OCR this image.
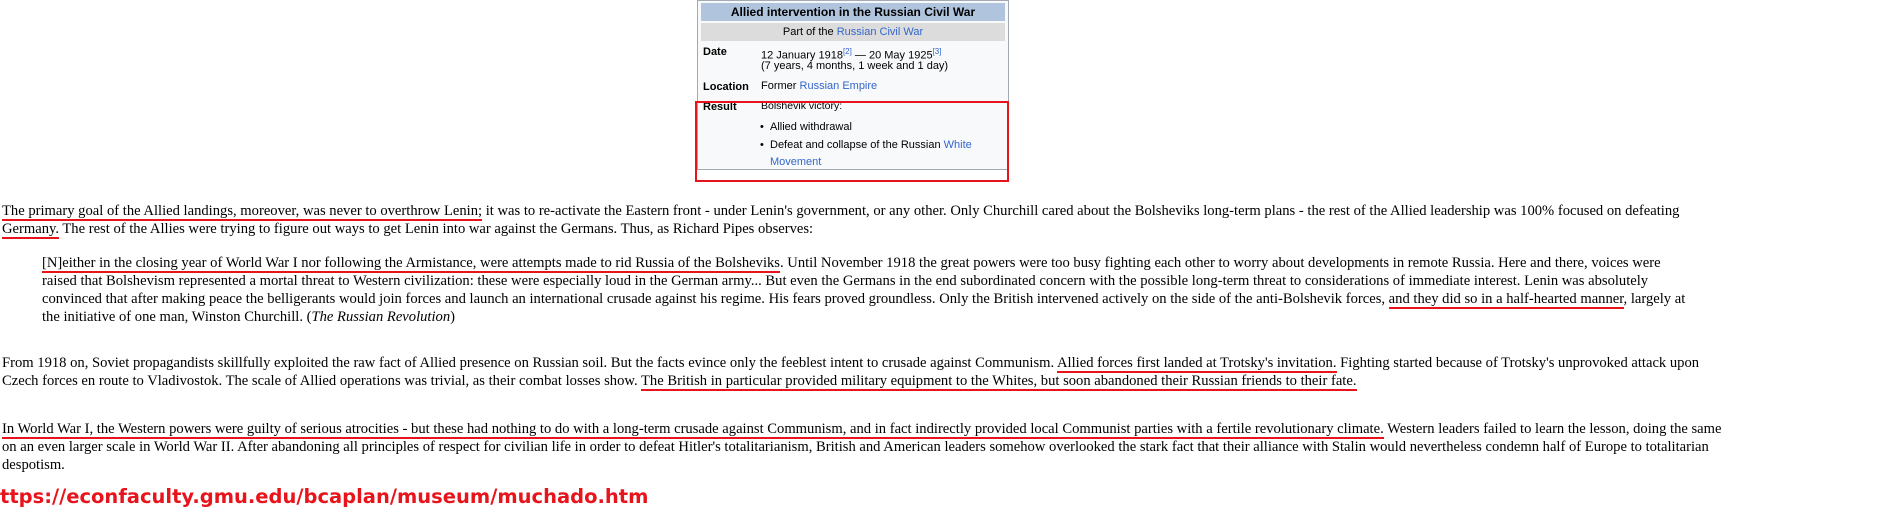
Allied intervention in the Russian Civil War
Part of the Russian Civil War
Date	12 January 1918[2] — 20 May 1925[3]
(7 years, 4 months, 1 week and 1 day)
Location Former Russian Empire
Result Bolshevik victory:
• Allied withdrawal
• Defeat and collapse of the Russian White
Movement
The primary goal of the Allied landings, moreover, was never to overthrow Lenin; it was to re-activate the Eastern front - under Lenin's government, or any other. Only Churchill cared about the Bolsheviks long-term plans - the rest of the Allied leadership was 100% focused on defeating
Germany. The rest of the Allies were trying to figure out ways to get Lenin into war against the Germans. Thus, as Richard Pipes observes:
[N]either in the closing year of World War I nor following the Armistance, were attempts made to rid Russia of the Bolsheviks. Until November 1918 the great powers were too busy fighting each other to worry about developments in remote Russia. Here and there, voices were
raised that Bolshevism represented a mortal threat to Western civilization: these were especially loud in the German army... But even the Germans in the end subordinated concern with the possible long-term threat to considerations of immediate interest. Lenin was absolutely
convinced that after making peace the belligerants would join forces and launch an international crusade against his regime. His fears proved groundless. Only the British intervened actively on the side of the anti-Bolshevik forces, and they did so in a half-hearted manner, largely at
the initiative of one man, Winston Churchill. (The Russian Revolution)
From 1918 on, Soviet propagandists skillfully exploited the raw fact of Allied presence on Russian soil. But the facts evince only the feeblest intent to crusade against Communism. Allied forces first landed at Trotsky's invitation. Fighting started because of Trotsky's unprovoked attack upon
Czech forces en route to Vladivostok. The scale of Allied operations was trivial, as their combat losses show. The British in particular provided military equipment to the Whites, but soon abandoned their Russian friends to their fate.
In World War I, the Western powers were guilty of serious atrocities - but these had nothing to do with a long-term crusade against Communism, and in fact indirectly provided local Communist parties with a fertile revolutionary climate. Western leaders failed to learn the lesson, doing the same
on an even larger scale in World War II. After abandoning all principles of respect for civilian life in order to defeat Hitler's totalitarianism, British and American leaders somehow overlooked the stark fact that their alliance with Stalin would nevertheless condemn half of Europe to totalitarian
despotism.
ttps://econfaculty.gmu.edu/bcaplan/museum/muchado.htm
